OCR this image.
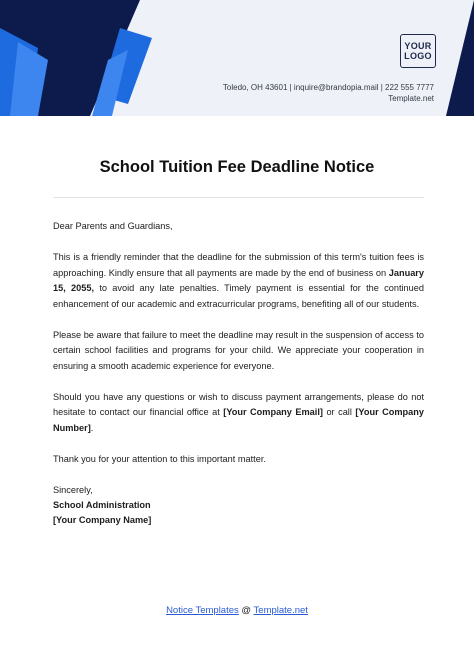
YOUR
LOGO
Toledo, OH 43601 | inquire@brandopia.mail | 222 555 7777
Template.net
School Tuition Fee Deadline Notice

Dear Parents and Guardians,

This is a friendly reminder that the deadline for the submission of this term's tuition fees is approaching. Kindly ensure that all payments are made by the end of business on January 15, 2055, to avoid any late penalties. Timely payment is essential for the continued enhancement of our academic and extracurricular programs, benefiting all of our students.

Please be aware that failure to meet the deadline may result in the suspension of access to certain school facilities and programs for your child. We appreciate your cooperation in ensuring a smooth academic experience for everyone.

Should you have any questions or wish to discuss payment arrangements, please do not hesitate to contact our financial office at [Your Company Email] or call [Your Company Number].

Thank you for your attention to this important matter.

Sincerely,
School Administration
[Your Company Name]
Notice Templates @ Template.net
